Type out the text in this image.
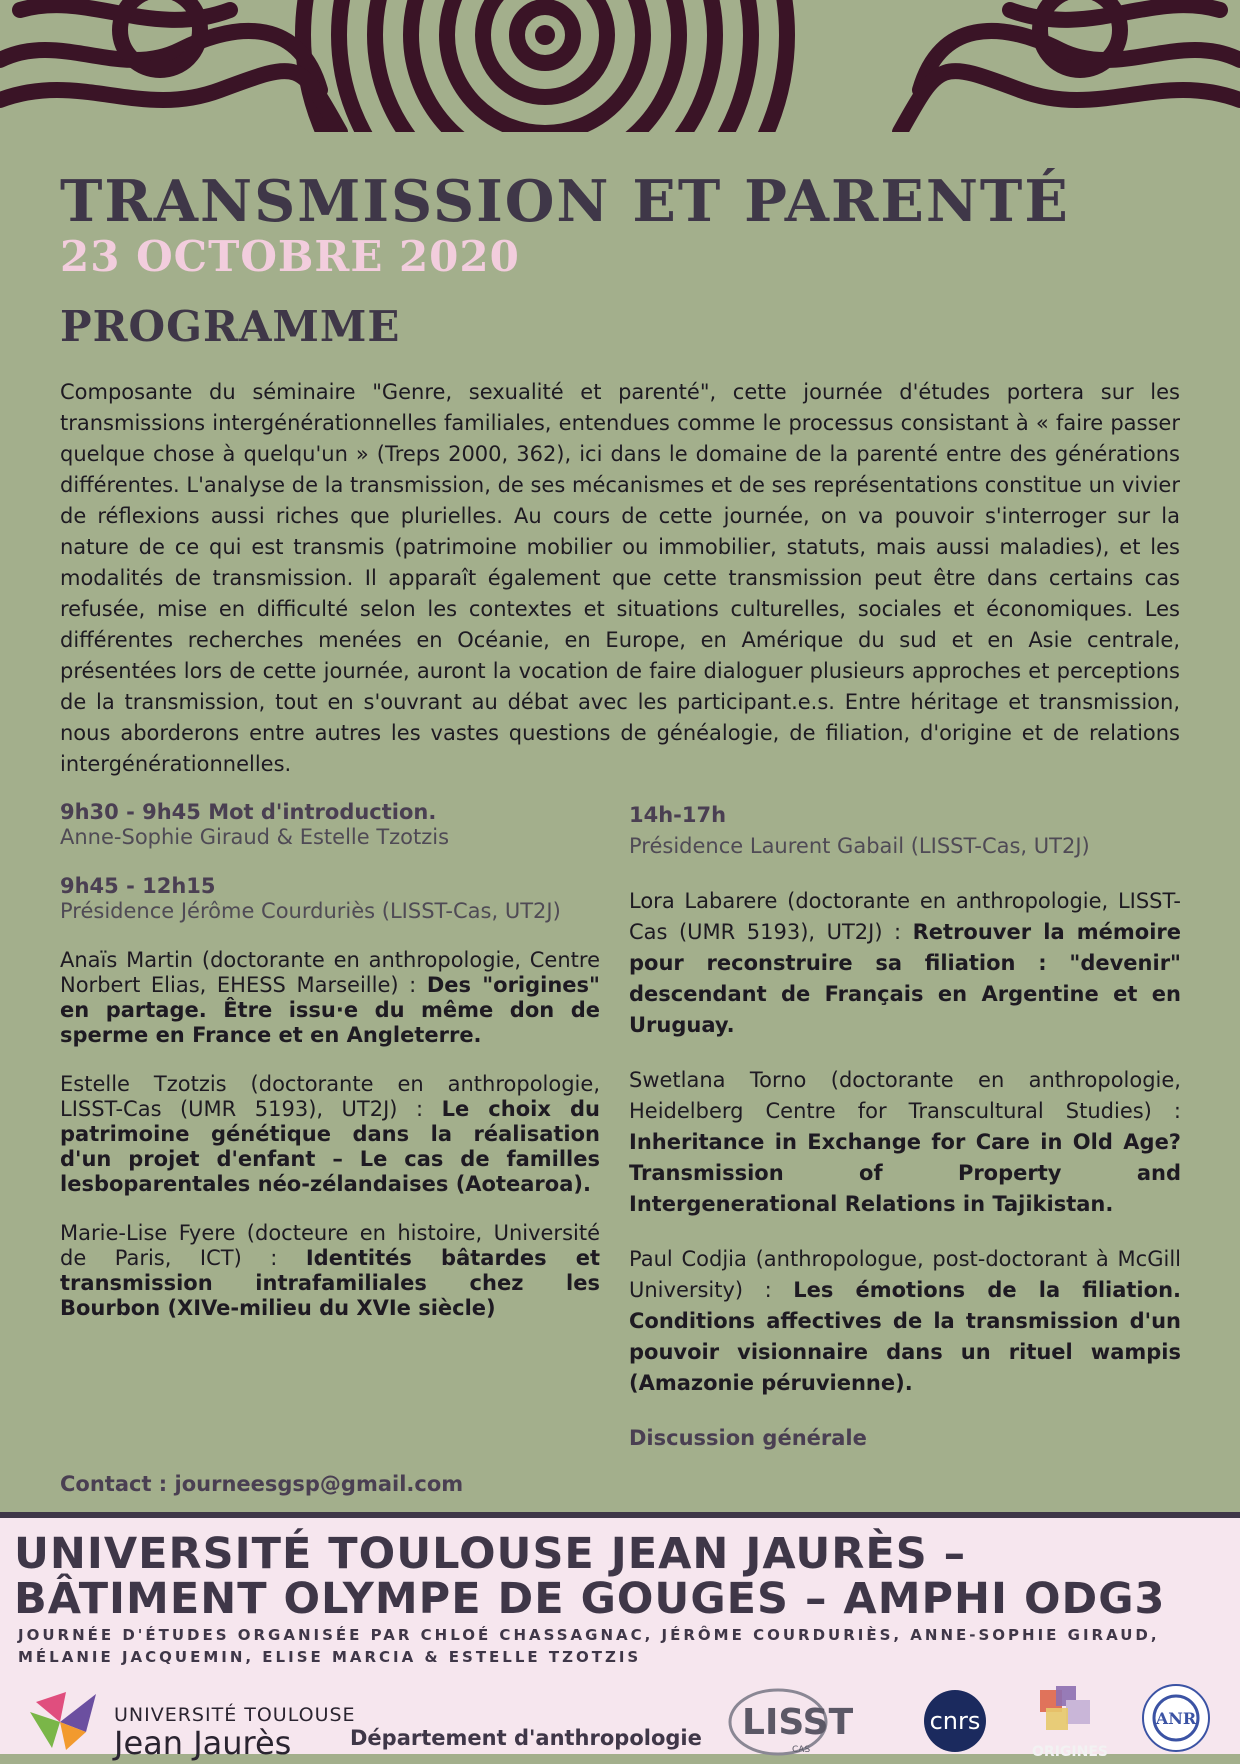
TRANSMISSION ET PARENTÉ
23 OCTOBRE 2020
PROGRAMME

Composante du séminaire "Genre, sexualité et parenté", cette journée d'études portera sur les transmissions intergénérationnelles familiales, entendues comme le processus consistant à « faire passer quelque chose à quelqu'un » (Treps 2000, 362), ici dans le domaine de la parenté entre des générations différentes. L'analyse de la transmission, de ses mécanismes et de ses représentations constitue un vivier de réflexions aussi riches que plurielles. Au cours de cette journée, on va pouvoir s'interroger sur la nature de ce qui est transmis (patrimoine mobilier ou immobilier, statuts, mais aussi maladies), et les modalités de transmission. Il apparaît également que cette transmission peut être dans certains cas refusée, mise en difficulté selon les contextes et situations culturelles, sociales et économiques. Les différentes recherches menées en Océanie, en Europe, en Amérique du sud et en Asie centrale, présentées lors de cette journée, auront la vocation de faire dialoguer plusieurs approches et perceptions de la transmission, tout en s'ouvrant au débat avec les participant.e.s. Entre héritage et transmission, nous aborderons entre autres les vastes questions de généalogie, de filiation, d'origine et de relations intergénérationnelles.

9h30 - 9h45 Mot d'introduction.
Anne-Sophie Giraud & Estelle Tzotzis
9h45 - 12h15
Présidence Jérôme Courduriès (LISST-Cas, UT2J)
Anaïs Martin (doctorante en anthropologie, Centre Norbert Elias, EHESS Marseille) : Des "origines" en partage. Être issu·e du même don de sperme en France et en Angleterre.
Estelle Tzotzis (doctorante en anthropologie, LISST-Cas (UMR 5193), UT2J) : Le choix du patrimoine génétique dans la réalisation d'un projet d'enfant – Le cas de familles lesboparentales néo-zélandaises (Aotearoa).
Marie-Lise Fyere (docteure en histoire, Université de Paris, ICT) : Identités bâtardes et transmission intrafamiliales chez les Bourbon (XIVe-milieu du XVIe siècle)
14h-17h
Présidence Laurent Gabail (LISST-Cas, UT2J)
Lora Labarere (doctorante en anthropologie, LISST-Cas (UMR 5193), UT2J) : Retrouver la mémoire pour reconstruire sa filiation : "devenir" descendant de Français en Argentine et en Uruguay.
Swetlana Torno (doctorante en anthropologie, Heidelberg Centre for Transcultural Studies) : Inheritance in Exchange for Care in Old Age? Transmission of Property and Intergenerational Relations in Tajikistan.
Paul Codjia (anthropologue, post-doctorant à McGill University) : Les émotions de la filiation. Conditions affectives de la transmission d'un pouvoir visionnaire dans un rituel wampis (Amazonie péruvienne).
Discussion générale
Contact : journeesgsp@gmail.com
UNIVERSITÉ TOULOUSE JEAN JAURÈS – BÂTIMENT OLYMPE DE GOUGES – AMPHI ODG3
JOURNÉE D'ÉTUDES ORGANISÉE PAR CHLOÉ CHASSAGNAC, JÉRÔME COURDURIÈS, ANNE-SOPHIE GIRAUD, MÉLANIE JACQUEMIN, ELISE MARCIA & ESTELLE TZOTZIS
UNIVERSITÉ TOULOUSE
Jean Jaurès	Département d'anthropologie LISST
CAS
cnrs
ORIGINES
ANR
